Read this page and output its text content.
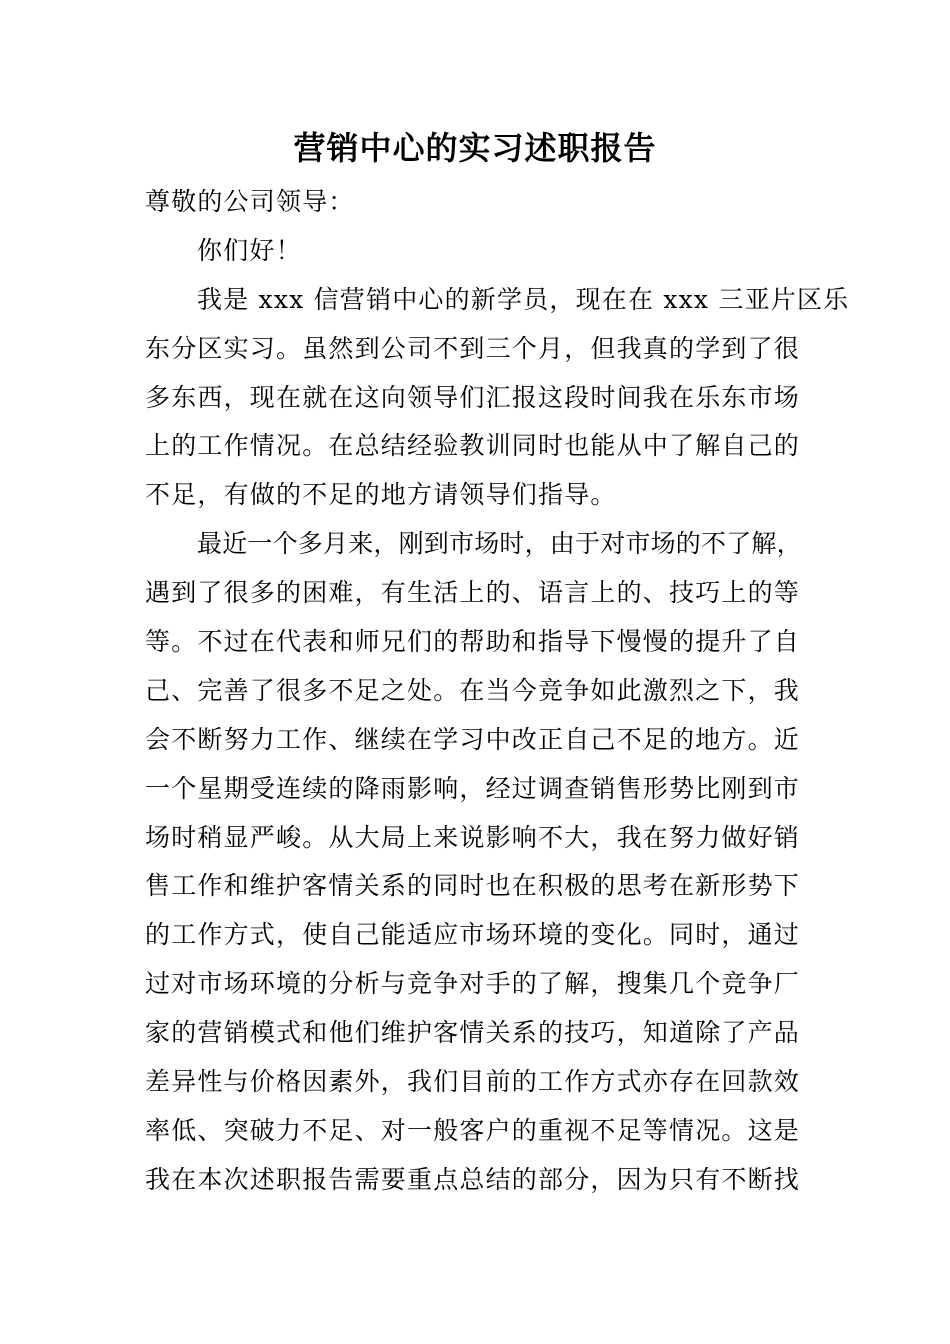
营销中心的实习述职报告
尊敬的公司领导：
你们好！
我是 xxx 信营销中心的新学员，现在在 xxx 三亚片区乐
东分区实习。虽然到公司不到三个月，但我真的学到了很
多东西，现在就在这向领导们汇报这段时间我在乐东市场
上的工作情况。在总结经验教训同时也能从中了解自己的
不足，有做的不足的地方请领导们指导。
最近一个多月来，刚到市场时，由于对市场的不了解，
遇到了很多的困难，有生活上的、语言上的、技巧上的等
等。不过在代表和师兄们的帮助和指导下慢慢的提升了自
己、完善了很多不足之处。在当今竞争如此激烈之下，我
会不断努力工作、继续在学习中改正自己不足的地方。近
一个星期受连续的降雨影响，经过调查销售形势比刚到市
场时稍显严峻。从大局上来说影响不大，我在努力做好销
售工作和维护客情关系的同时也在积极的思考在新形势下
的工作方式，使自己能适应市场环境的变化。同时，通过
过对市场环境的分析与竞争对手的了解，搜集几个竞争厂
家的营销模式和他们维护客情关系的技巧，知道除了产品
差异性与价格因素外，我们目前的工作方式亦存在回款效
率低、突破力不足、对一般客户的重视不足等情况。这是
我在本次述职报告需要重点总结的部分，因为只有不断找
